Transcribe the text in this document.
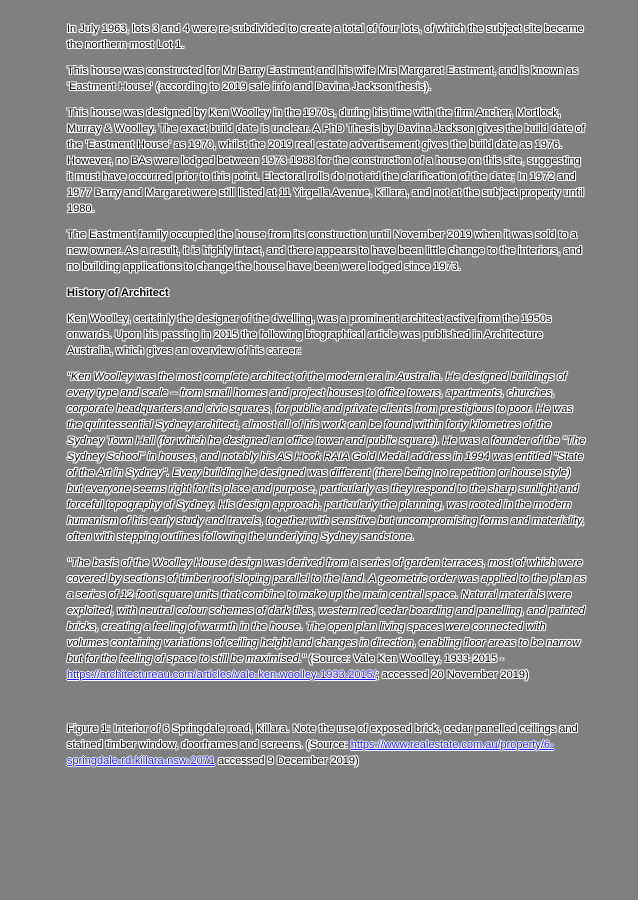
In July 1963, lots 3 and 4 were re-subdivided to create a total of four lots, of which the subject site became the northern-most Lot 1.

This house was constructed for Mr Barry Eastment and his wife Mrs Margaret Eastment, and is known as 'Eastment House' (according to 2019 sale info and Davina Jackson thesis).

This house was designed by Ken Woolley in the 1970s, during his time with the firm Ancher, Mortlock, Murray & Woolley. The exact build date is unclear. A PhD Thesis by Davina Jackson gives the build date of the 'Eastment House' as 1970, whilst the 2019 real estate advertisement gives the build date as 1976. However, no BAs were lodged between 1973-1988 for the construction of a house on this site, suggesting it must have occurred prior to this point. Electoral rolls do not aid the clarification of the date; In 1972 and 1977 Barry and Margaret were still listed at 11 Yirgella Avenue, Killara, and not at the subject property until 1980.

The Eastment family occupied the house from its construction until November 2019 when it was sold to a new owner. As a result, it is highly intact, and there appears to have been little change to the interiors, and no building applications to change the house have been were lodged since 1973.

History of Architect

Ken Woolley, certainly the designer of the dwelling, was a prominent architect active from the 1950s onwards. Upon his passing in 2015 the following biographical article was published in Architecture Australia, which gives an overview of his career:

"Ken Woolley was the most complete architect of the modern era in Australia. He designed buildings of every type and scale – from small homes and project houses to office towers, apartments, churches, corporate headquarters and civic squares, for public and private clients from prestigious to poor. He was the quintessential Sydney architect, almost all of his work can be found within forty kilometres of the Sydney Town Hall (for which he designed an office tower and public square). He was a founder of the "The Sydney School" in houses, and notably his AS Hook RAIA Gold Medal address in 1994 was entitled "State of the Art in Sydney". Every building he designed was different (there being no repetition or house style) but everyone seems right for its place and purpose, particularly as they respond to the sharp sunlight and forceful topography of Sydney. His design approach, particularly the planning, was rooted in the modern humanism of his early study and travels, together with sensitive but uncompromising forms and materiality, often with stepping outlines following the underlying Sydney sandstone.

"The basis of the Woolley House design was derived from a series of garden terraces, most of which were covered by sections of timber roof sloping parallel to the land. A geometric order was applied to the plan as a series of 12-foot square units that combine to make up the main central space. Natural materials were exploited, with neutral colour schemes of dark tiles, western red cedar boarding and panelling, and painted bricks, creating a feeling of warmth in the house. The open plan living spaces were connected with volumes containing variations of ceiling height and changes in direction, enabling floor areas to be narrow but for the feeling of space to still be maximised." (Source: Vale Ken Woolley, 1933-2015 - https://architectureau.com/articles/vale-ken-woolley-1933-2015/; accessed 20 November 2019)

Figure 1: Interior of 6 Springdale road, Killara. Note the use of exposed brick, cedar panelled ceilings and stained timber window, doorframes and screens. (Source: https://www.realestate.com.au/property/6-springdale-rd-killara-nsw-2071 accessed 9 December 2019)
